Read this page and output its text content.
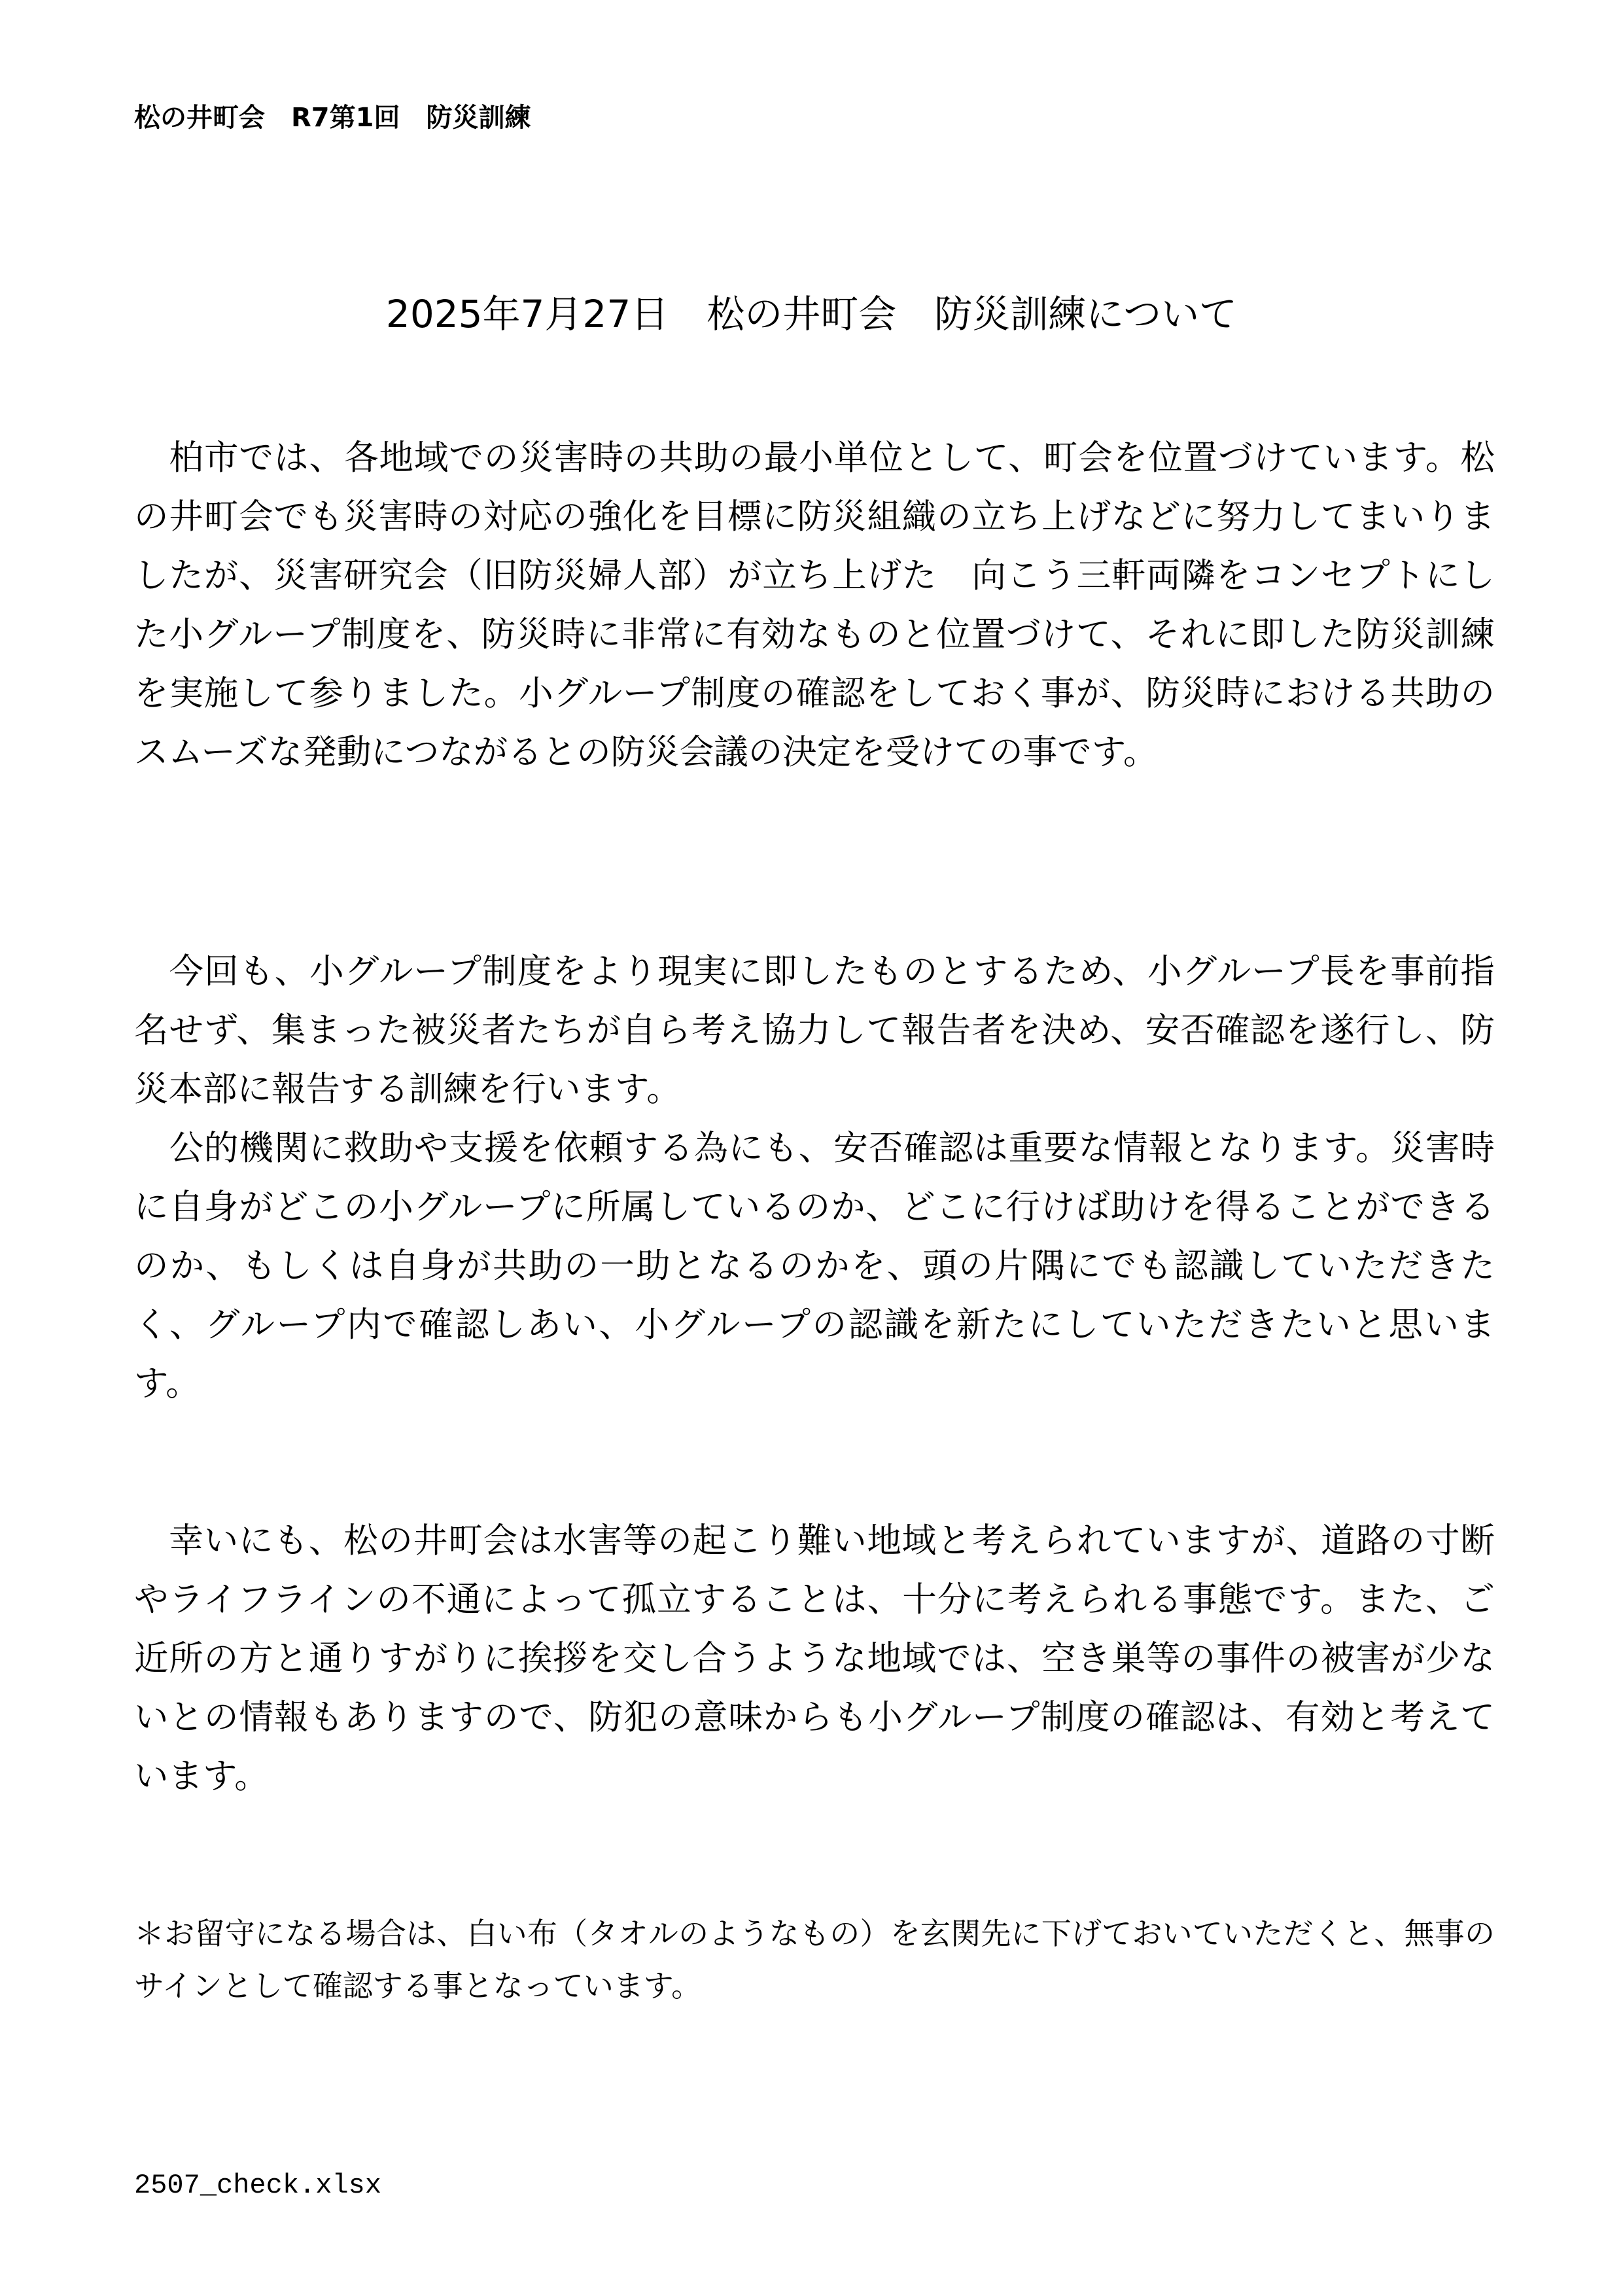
松の井町会　R7第1回　防災訓練
2025年7月27日　松の井町会　防災訓練について

　柏市では、各地域での災害時の共助の最小単位として、町会を位置づけています。松の井町会でも災害時の対応の強化を目標に防災組織の立ち上げなどに努力してまいりましたが、災害研究会（旧防災婦人部）が立ち上げた　向こう三軒両隣をコンセプトにした小グループ制度を、防災時に非常に有効なものと位置づけて、それに即した防災訓練を実施して参りました。小グループ制度の確認をしておく事が、防災時における共助のスムーズな発動につながるとの防災会議の決定を受けての事です。

　今回も、小グループ制度をより現実に即したものとするため、小グループ長を事前指名せず、集まった被災者たちが自ら考え協力して報告者を決め、安否確認を遂行し、防災本部に報告する訓練を行います。

　公的機関に救助や支援を依頼する為にも、安否確認は重要な情報となります。災害時に自身がどこの小グループに所属しているのか、どこに行けば助けを得ることができるのか、もしくは自身が共助の一助となるのかを、頭の片隅にでも認識していただきたく、グループ内で確認しあい、小グループの認識を新たにしていただきたいと思います。

　幸いにも、松の井町会は水害等の起こり難い地域と考えられていますが、道路の寸断やライフラインの不通によって孤立することは、十分に考えられる事態です。また、ご近所の方と通りすがりに挨拶を交し合うような地域では、空き巣等の事件の被害が少ないとの情報もありますので、防犯の意味からも小グループ制度の確認は、有効と考えています。

＊お留守になる場合は、白い布（タオルのようなもの）を玄関先に下げておいていただくと、無事のサインとして確認する事となっています。

2507_check.xlsx
